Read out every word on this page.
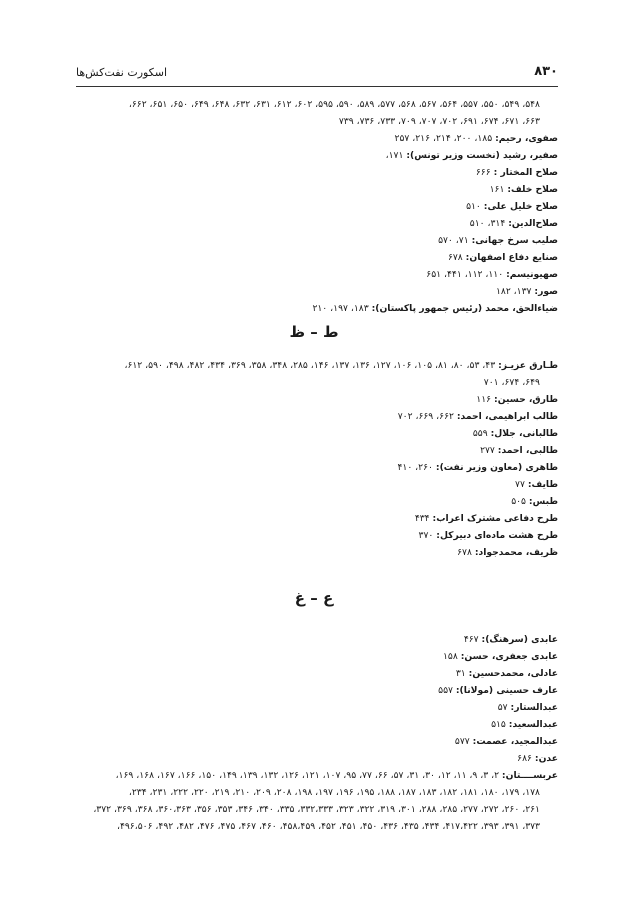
۸۳۰
اسکورت نفت‌کش‌ها

۵۴۸، ۵۴۹، ۵۵۰، ۵۵۷، ۵۶۴، ۵۶۷، ۵۶۸، ۵۷۷، ۵۸۹، ۵۹۰، ۵۹۵، ۶۰۲، ۶۱۲، ۶۳۱، ۶۳۲، ۶۴۸، ۶۴۹، ۶۵۰، ۶۵۱، ۶۶۲،

۶۶۳، ۶۷۱، ۶۷۴، ۶۹۱، ۷۰۲، ۷۰۷، ۷۰۹، ۷۳۳، ۷۳۶، ۷۳۹

صفوی، رحیم: ۱۸۵، ۲۰۰، ۲۱۴، ۲۱۶، ۲۵۷

صفیر، رشید (نخست وزیر تونس): ۱۷۱،

صلاح المختار : ۶۶۶

صلاح خلف: ۱۶۱

صلاح خلیل علی: ۵۱۰

صلاح‌الدین: ۳۱۴، ۵۱۰

صلیب سرخ جهانی: ۷۱، ۵۷۰

صنایع دفاع اصفهان: ۶۷۸

صهیونیسم: ۱۱۰، ۱۱۲، ۴۴۱، ۶۵۱

صور: ۱۳۷، ۱۸۲

ضیاءالحق، محمد (رئیس جمهور پاکستان): ۱۸۳، ۱۹۷، ۲۱۰

ط – ظ

طـارق عزیـز: ۴۳، ۵۳، ۸۰، ۸۱، ۱۰۵، ۱۰۶، ۱۲۷، ۱۳۶، ۱۳۷، ۱۴۶، ۲۸۵، ۳۴۸، ۳۵۸، ۳۶۹، ۴۳۴، ۴۸۲، ۴۹۸، ۵۹۰، ۶۱۲،

۶۴۹، ۶۷۴، ۷۰۱

طارق، حسین: ۱۱۶

طالب ابراهیمی، احمد: ۶۶۲، ۶۶۹، ۷۰۲

طالبانی، جلال: ۵۵۹

طالبی، احمد: ۲۷۷

طاهری (معاون وزیر نفت): ۲۶۰، ۴۱۰

طایف: ۷۷

طبس: ۵۰۵

طرح دفاعی مشترک اعراب: ۴۳۴

طرح هشت ماده‌ای دبیرکل: ۳۷۰

ظریف، محمدجواد: ۶۷۸

ع – غ

عابدی (سرهنگ): ۴۶۷

عابدی جعفری، حسن: ۱۵۸

عادلی، محمدحسین: ۳۱

عارف حسینی (مولانا): ۵۵۷

عبدالستار: ۵۷

عبدالسعید: ۵۱۵

عبدالمجید، عصمت: ۵۷۷

عدن: ۶۸۶

عربســــتان: ۲، ۳، ۹، ۱۱، ۱۲، ۳۰، ۳۱، ۵۷، ۶۶، ۷۷، ۹۵، ۱۰۷، ۱۲۱، ۱۲۶، ۱۳۲، ۱۳۹، ۱۴۹، ۱۵۰، ۱۶۶، ۱۶۷، ۱۶۸، ۱۶۹،

۱۷۸، ۱۷۹، ۱۸۰، ۱۸۱، ۱۸۲، ۱۸۳، ۱۸۷، ۱۸۸، ۱۹۵، ۱۹۶، ۱۹۷، ۱۹۸، ۲۰۸، ۲۰۹، ۲۱۰، ۲۱۹، ۲۲۰، ۲۲۲، ۲۳۱، ۲۳۴،

۲۶۱، ۲۶۰، ۲۷۲، ۲۷۷، ۲۸۵، ۲۸۸، ۳۰۱، ۳۱۹، ۳۲۲، ۳۲۳، ۳۳۲،۳۳۳، ۳۳۵، ۳۴۰، ۳۴۶، ۳۵۳، ۳۵۶، ۳۶۰،۳۶۳، ۳۶۸، ۳۶۹، ۳۷۲،

۳۷۳، ۳۹۱، ۳۹۳، ۴۱۷،۴۲۲، ۴۳۴، ۴۳۵، ۴۳۶، ۴۵۰، ۴۵۱، ۴۵۲، ۴۵۸،۴۵۹، ۴۶۰، ۴۶۷، ۴۷۵، ۴۷۶، ۴۸۲، ۴۹۲، ۴۹۶،۵۰۶،
